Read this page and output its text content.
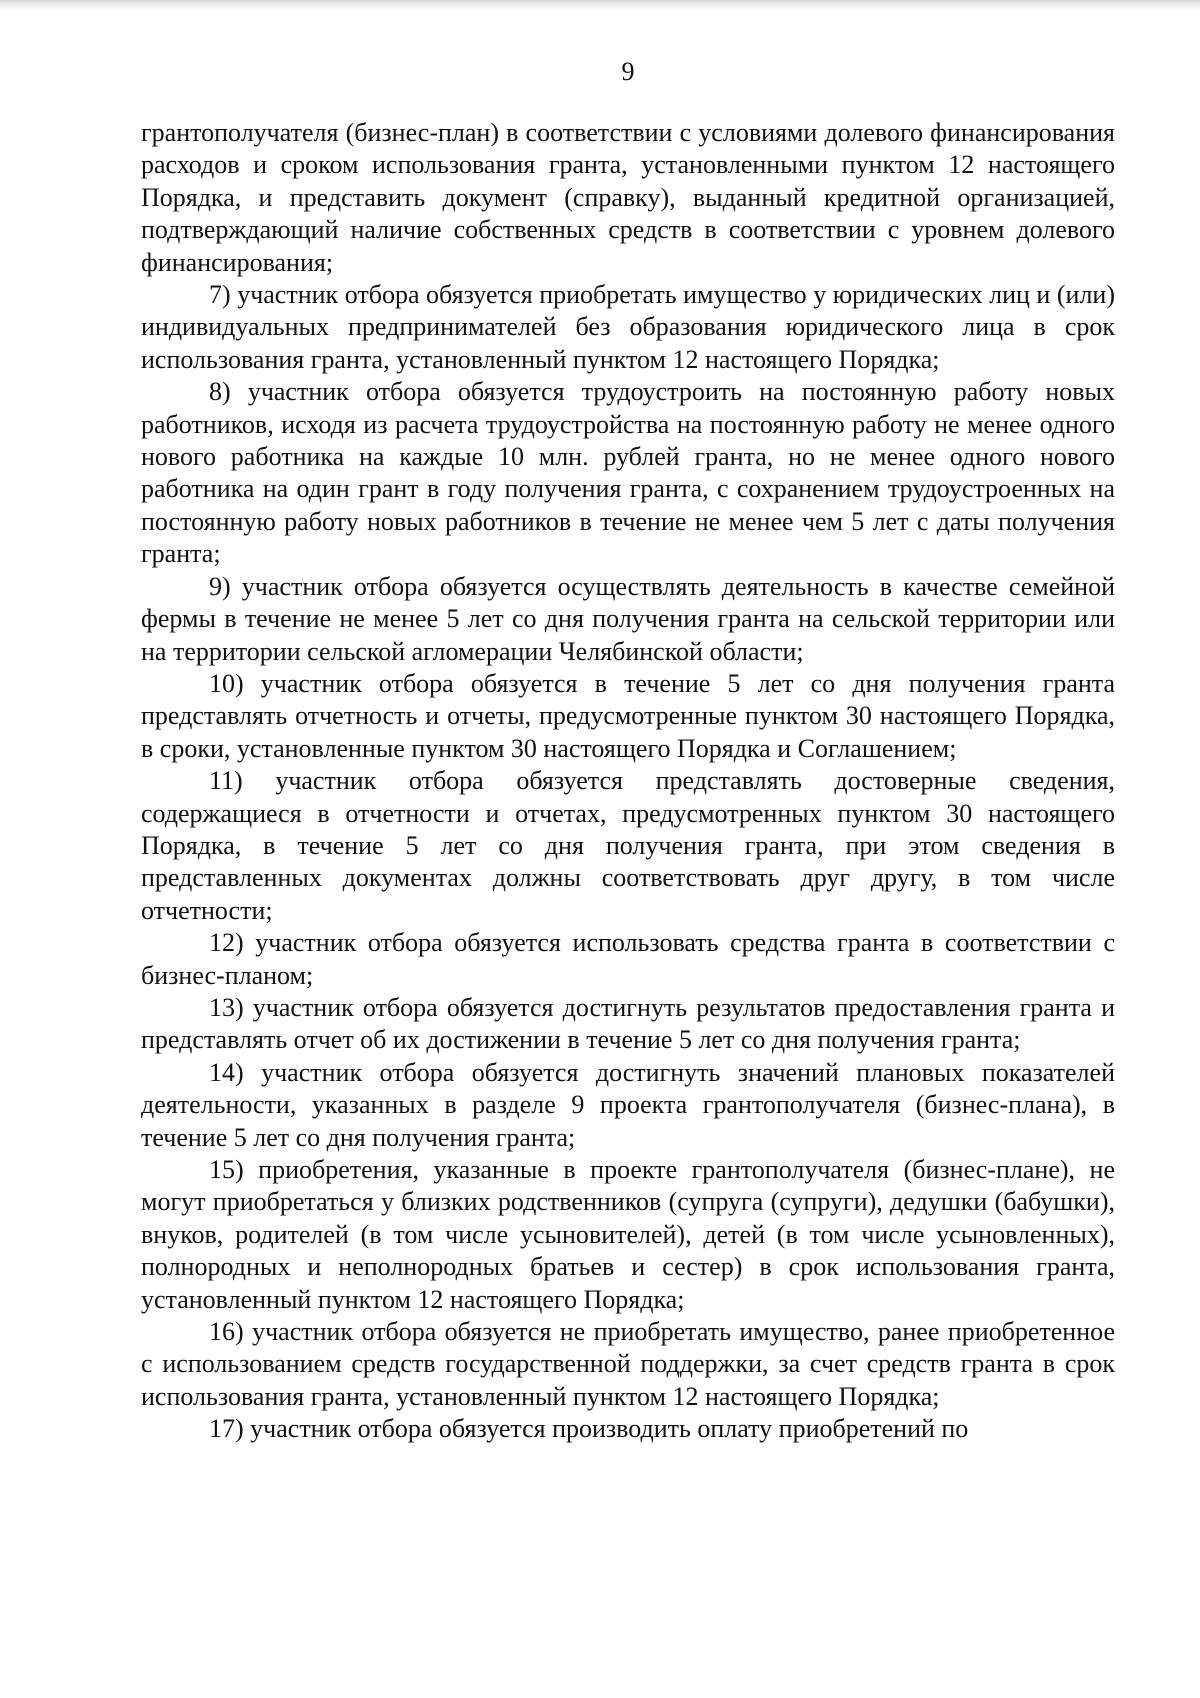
9

грантополучателя (бизнес-план) в соответствии с условиями долевого финансирования расходов и сроком использования гранта, установленными пунктом 12 настоящего Порядка, и представить документ (справку), выданный кредитной организацией, подтверждающий наличие собственных средств в соответствии с уровнем долевого финансирования;

7) участник отбора обязуется приобретать имущество у юридических лиц и (или) индивидуальных предпринимателей без образования юридического лица в срок использования гранта, установленный пунктом 12 настоящего Порядка;

8) участник отбора обязуется трудоустроить на постоянную работу новых работников, исходя из расчета трудоустройства на постоянную работу не менее одного нового работника на каждые 10 млн. рублей гранта, но не менее одного нового работника на один грант в году получения гранта, с сохранением трудоустроенных на постоянную работу новых работников в течение не менее чем 5 лет с даты получения гранта;

9) участник отбора обязуется осуществлять деятельность в качестве семейной фермы в течение не менее 5 лет со дня получения гранта на сельской территории или на территории сельской агломерации Челябинской области;

10) участник отбора обязуется в течение 5 лет со дня получения гранта представлять отчетность и отчеты, предусмотренные пунктом 30 настоящего Порядка, в сроки, установленные пунктом 30 настоящего Порядка и Соглашением;

11) участник отбора обязуется представлять достоверные сведения, содержащиеся в отчетности и отчетах, предусмотренных пунктом 30 настоящего Порядка, в течение 5 лет со дня получения гранта, при этом сведения в представленных документах должны соответствовать друг другу, в том числе отчетности;

12) участник отбора обязуется использовать средства гранта в соответствии с бизнес-планом;

13) участник отбора обязуется достигнуть результатов предоставления гранта и представлять отчет об их достижении в течение 5 лет со дня получения гранта;

14) участник отбора обязуется достигнуть значений плановых показателей деятельности, указанных в разделе 9 проекта грантополучателя (бизнес-плана), в течение 5 лет со дня получения гранта;

15) приобретения, указанные в проекте грантополучателя (бизнес-плане), не могут приобретаться у близких родственников (супруга (супруги), дедушки (бабушки), внуков, родителей (в том числе усыновителей), детей (в том числе усыновленных), полнородных и неполнородных братьев и сестер) в срок использования гранта, установленный пунктом 12 настоящего Порядка;

16) участник отбора обязуется не приобретать имущество, ранее приобретенное с использованием средств государственной поддержки, за счет средств гранта в срок использования гранта, установленный пунктом 12 настоящего Порядка;

17) участник отбора обязуется производить оплату приобретений по
